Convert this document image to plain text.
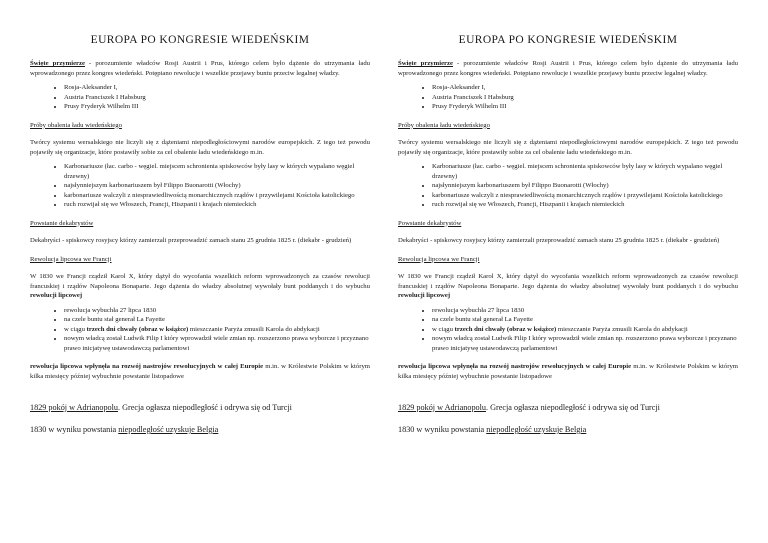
EUROPA PO KONGRESIE WIEDEŃSKIM
Święte przymierze - porozumienie władców Rosji Austrii i Prus, którego celem było dążenie do utrzymania ładu wprowadzonego przez kongres wiedeński. Potępiano rewolucje i wszelkie przejawy buntu przeciw legalnej władzy.
• Rosja-Aleksander I,
• Austria Franciszek I Habsburg
• Prusy Fryderyk Wilhelm III
Próby obalenia ładu wiedeńskiego
Twórcy systemu wersalskiego nie liczyli się z dążeniami niepodległościowymi narodów europejskich. Z tego też powodu pojawiły się organizacje, które postawiły sobie za cel obalenie ładu wiedeńskiego m.in.
• Karbonariusze (łac. carbo - węgiel. miejscem schronienia spiskowców były lasy w których wypalano węgiel drzewny)
• najsłynniejszym karbonariuszem był Filippo Buonarotti (Włochy)
• karbonariusze walczyli z niesprawiedliwością monarchicznych rządów i przywilejami Kościoła katolickiego
• ruch rozwijał się we Włoszech, Francji, Hiszpanii i krajach niemieckich
Powstanie dekabrystów
Dekabryści - spiskowcy rosyjscy którzy zamierzali przeprowadzić zamach stanu 25 grudnia 1825 r. (diekabr - grudzień)
Rewolucja lipcowa we Francji
W 1830 we Francji rządził Karol X, który dążył do wycofania wszelkich reform wprowadzonych za czasów rewolucji francuskiej i rządów Napoleona Bonaparte. Jego dążenia do władzy absolutnej wywołały bunt poddanych i do wybuchu rewolucji lipcowej
• rewolucja wybuchła 27 lipca 1830
• na czele buntu stał generał La Fayette
• w ciągu trzech dni chwały (obraz w książce) mieszczanie Paryża zmusili Karola do abdykacji
• nowym władcą został Ludwik Filip I który wprowadził wiele zmian np. rozszerzono prawa wyborcze i przyznano prawo inicjatywę ustawodawczą parlamentowi
rewolucja lipcowa wpłynęła na rozwój nastrojów rewolucyjnych w całej Europie m.in. w Królestwie Polskim w którym kilka miesięcy później wybuchnie powstanie listopadowe
1829 pokój w Adrianopolu. Grecja ogłasza niepodległość i odrywa się od Turcji
1830 w wyniku powstania niepodległość uzyskuje Belgia
EUROPA PO KONGRESIE WIEDEŃSKIM
Święte przymierze - porozumienie władców Rosji Austrii i Prus, którego celem było dążenie do utrzymania ładu wprowadzonego przez kongres wiedeński. Potępiano rewolucje i wszelkie przejawy buntu przeciw legalnej władzy.
• Rosja-Aleksander I,
• Austria Franciszek I Habsburg
• Prusy Fryderyk Wilhelm III
Próby obalenia ładu wiedeńskiego
Twórcy systemu wersalskiego nie liczyli się z dążeniami niepodległościowymi narodów europejskich. Z tego też powodu pojawiły się organizacje, które postawiły sobie za cel obalenie ładu wiedeńskiego m.in.
• Karbonariusze (łac. carbo - węgiel. miejscem schronienia spiskowców były lasy w których wypalano węgiel drzewny)
• najsłynniejszym karbonariuszem był Filippo Buonarotti (Włochy)
• karbonariusze walczyli z niesprawiedliwością monarchicznych rządów i przywilejami Kościoła katolickiego
• ruch rozwijał się we Włoszech, Francji, Hiszpanii i krajach niemieckich
Powstanie dekabrystów
Dekabryści - spiskowcy rosyjscy którzy zamierzali przeprowadzić zamach stanu 25 grudnia 1825 r. (diekabr - grudzień)
Rewolucja lipcowa we Francji
W 1830 we Francji rządził Karol X, który dążył do wycofania wszelkich reform wprowadzonych za czasów rewolucji francuskiej i rządów Napoleona Bonaparte. Jego dążenia do władzy absolutnej wywołały bunt poddanych i do wybuchu rewolucji lipcowej
• rewolucja wybuchła 27 lipca 1830
• na czele buntu stał generał La Fayette
• w ciągu trzech dni chwały (obraz w książce) mieszczanie Paryża zmusili Karola do abdykacji
• nowym władcą został Ludwik Filip I który wprowadził wiele zmian np. rozszerzono prawa wyborcze i przyznano prawo inicjatywę ustawodawczą parlamentowi
rewolucja lipcowa wpłynęła na rozwój nastrojów rewolucyjnych w całej Europie m.in. w Królestwie Polskim w którym kilka miesięcy później wybuchnie powstanie listopadowe
1829 pokój w Adrianopolu. Grecja ogłasza niepodległość i odrywa się od Turcji
1830 w wyniku powstania niepodległość uzyskuje Belgia
